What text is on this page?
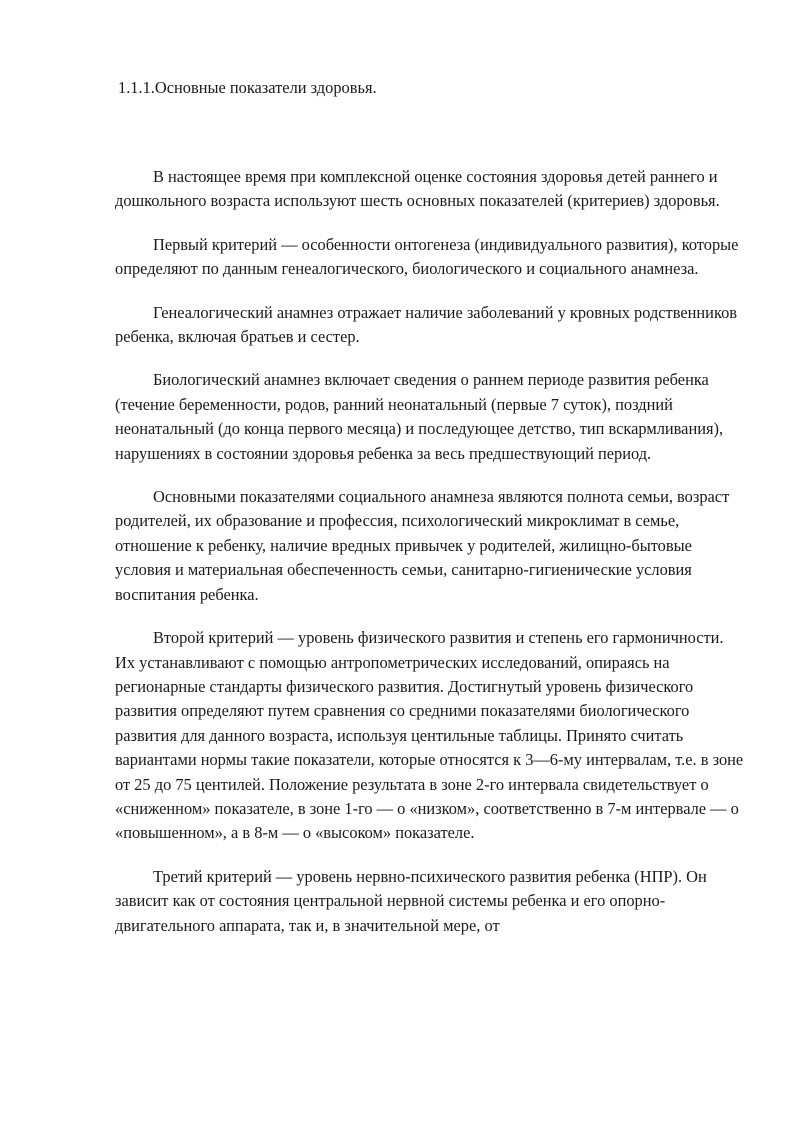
1.1.1.Основные показатели здоровья.

В настоящее время при комплексной оценке состояния здоровья детей раннего и дошкольного возраста используют шесть основных показателей (критериев) здоровья.

Первый критерий — особенности онтогенеза (индивидуального развития), которые определяют по данным генеалогического, биологического и социального анамнеза.

Генеалогический анамнез отражает наличие заболеваний у кровных родственников ребенка, включая братьев и сестер.

Биологический анамнез включает сведения о раннем периоде развития ребенка (течение беременности, родов, ранний неонатальный (первые 7 суток), поздний неонатальный (до конца первого месяца) и последующее детство, тип вскармливания), нарушениях в состоянии здоровья ребенка за весь предшествующий период.

Основными показателями социального анамнеза являются полнота семьи, возраст родителей, их образование и профессия, психологический микроклимат в семье, отношение к ребенку, наличие вредных привычек у родителей, жилищно-бытовые условия и материальная обеспеченность семьи, санитарно-гигиенические условия воспитания ребенка.

Второй критерий — уровень физического развития и степень его гармоничности. Их устанавливают с помощью антропометрических исследований, опираясь на регионарные стандарты физического развития. Достигнутый уровень физического развития определяют путем сравнения со средними показателями биологического развития для данного возраста, используя центильные таблицы. Принято считать вариантами нормы такие показатели, которые относятся к 3—6-му интервалам, т.е. в зоне от 25 до 75 центилей. Положение результата в зоне 2-го интервала свидетельствует о «сниженном» показателе, в зоне 1-го — о «низком», соответственно в 7-м интервале — о «повышенном», а в 8-м — о «высоком» показателе.

Третий критерий — уровень нервно-психического развития ребенка (НПР). Он зависит как от состояния центральной нервной системы ребенка и его опорно-двигательного аппарата, так и, в значительной мере, от
